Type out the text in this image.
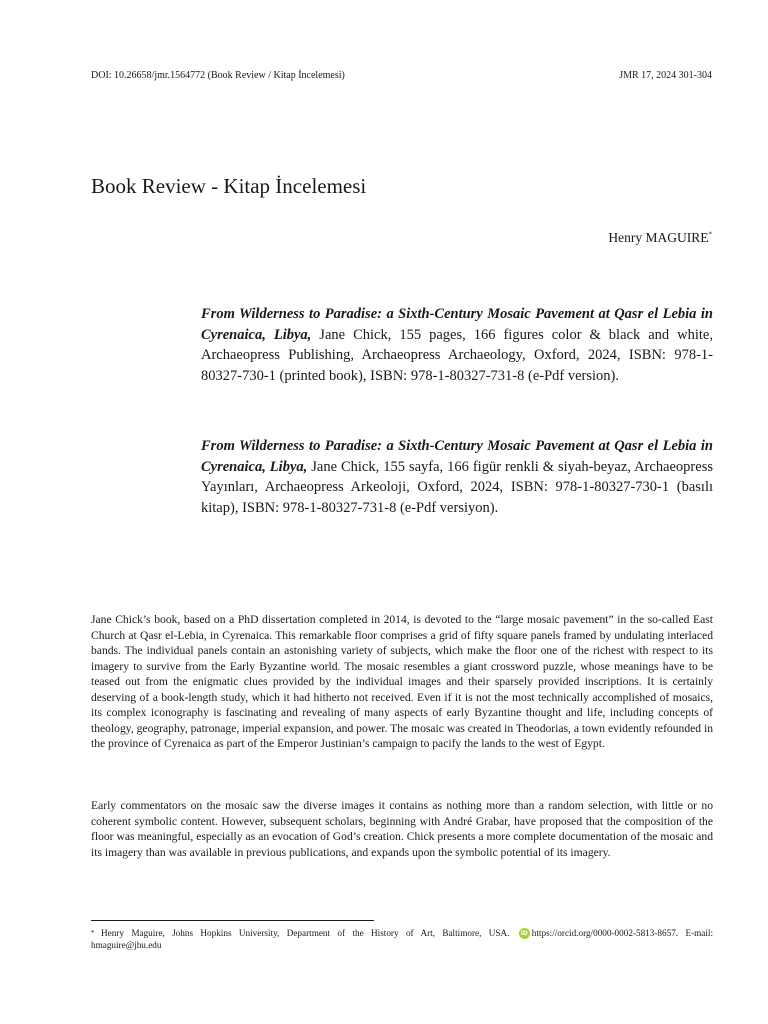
DOI: 10.26658/jmr.1564772 (Book Review / Kitap İncelemesi)	JMR 17, 2024 301-304
Book Review - Kitap İncelemesi
Henry MAGUIRE*

From Wilderness to Paradise: a Sixth-Century Mosaic Pavement at Qasr el Lebia in Cyrenaica, Libya, Jane Chick, 155 pages, 166 figures color & black and white, Archaeopress Publishing, Archaeopress Archaeology, Oxford, 2024, ISBN: 978-1-80327-730-1 (printed book), ISBN: 978-1-80327-731-8 (e-Pdf version).

From Wilderness to Paradise: a Sixth-Century Mosaic Pavement at Qasr el Lebia in Cyrenaica, Libya, Jane Chick, 155 sayfa, 166 figür renkli & siyah-beyaz, Archaeopress Yayınları, Archaeopress Arkeoloji, Oxford, 2024, ISBN: 978-1-80327-730-1 (basılı kitap), ISBN: 978-1-80327-731-8 (e-Pdf versiyon).

Jane Chick’s book, based on a PhD dissertation completed in 2014, is devoted to the “large mosaic pavement” in the so-called East Church at Qasr el-Lebia, in Cyrenaica. This remarkable floor comprises a grid of fifty square panels framed by undulating interlaced bands. The individual panels contain an astonishing variety of subjects, which make the floor one of the richest with respect to its imagery to survive from the Early Byzantine world. The mosaic resembles a giant crossword puzzle, whose meanings have to be teased out from the enigmatic clues provided by the individual images and their sparsely provided inscriptions. It is certainly deserving of a book-length study, which it had hitherto not received. Even if it is not the most technically accomplished of mosaics, its complex iconography is fascinating and revealing of many aspects of early Byzantine thought and life, including concepts of theology, geography, patronage, imperial expansion, and power. The mosaic was created in Theodorias, a town evidently refounded in the province of Cyrenaica as part of the Emperor Justinian’s campaign to pacify the lands to the west of Egypt.

Early commentators on the mosaic saw the diverse images it contains as nothing more than a random selection, with little or no coherent symbolic content. However, subsequent scholars, beginning with André Grabar, have proposed that the composition of the floor was meaningful, especially as an evocation of God’s creation. Chick presents a more complete documentation of the mosaic and its imagery than was available in previous publications, and expands upon the symbolic potential of its imagery.

* Henry Maguire, Johns Hopkins University, Department of the History of Art, Baltimore, USA. iD https://orcid.org/0000-0002-5813-8657. E-mail: hmaguire@jhu.edu
